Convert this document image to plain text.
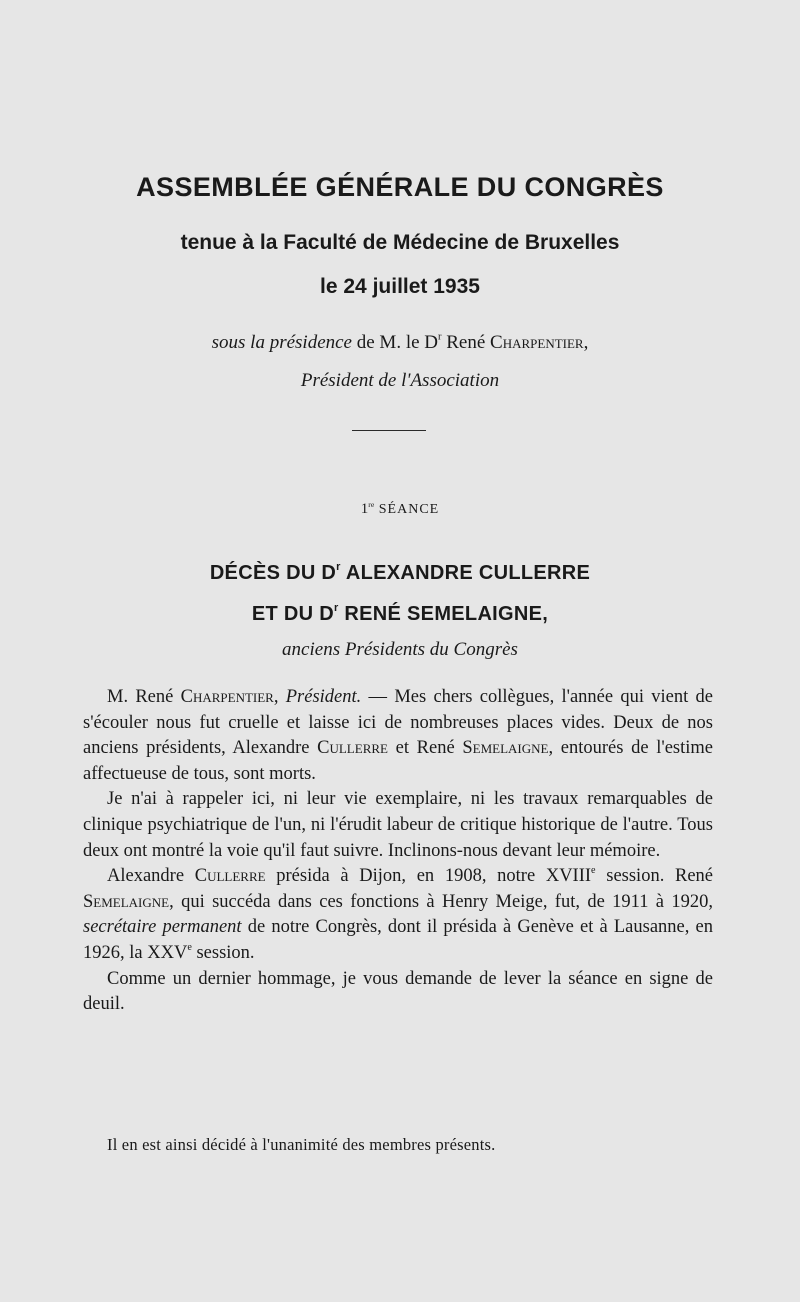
ASSEMBLÉE GÉNÉRALE DU CONGRÈS
tenue à la Faculté de Médecine de Bruxelles
le 24 juillet 1935
sous la présidence de M. le $D^r$ René Charpentier,
Président de l'Association
1re SÉANCE
DÉCÈS DU $D^r$ ALEXANDRE CULLERRE
ET DU $D^r$ RENÉ SEMELAIGNE,
anciens Présidents du Congrès

M. René Charpentier, Président. — Mes chers collègues, l'année qui vient de s'écouler nous fut cruelle et laisse ici de nombreuses places vides. Deux de nos anciens présidents, Alexandre Cullerre et René Semelaigne, entourés de l'estime affectueuse de tous, sont morts.

Je n'ai à rappeler ici, ni leur vie exemplaire, ni les travaux remarquables de clinique psychiatrique de l'un, ni l'érudit labeur de critique historique de l'autre. Tous deux ont montré la voie qu'il faut suivre. Inclinons-nous devant leur mémoire.

Alexandre Cullerre présida à Dijon, en 1908, notre XVIIIe session. René Semelaigne, qui succéda dans ces fonctions à Henry Meige, fut, de 1911 à 1920, secrétaire permanent de notre Congrès, dont il présida à Genève et à Lausanne, en 1926, la XXVe session.

Comme un dernier hommage, je vous demande de lever la séance en signe de deuil.

Il en est ainsi décidé à l'unanimité des membres présents.
